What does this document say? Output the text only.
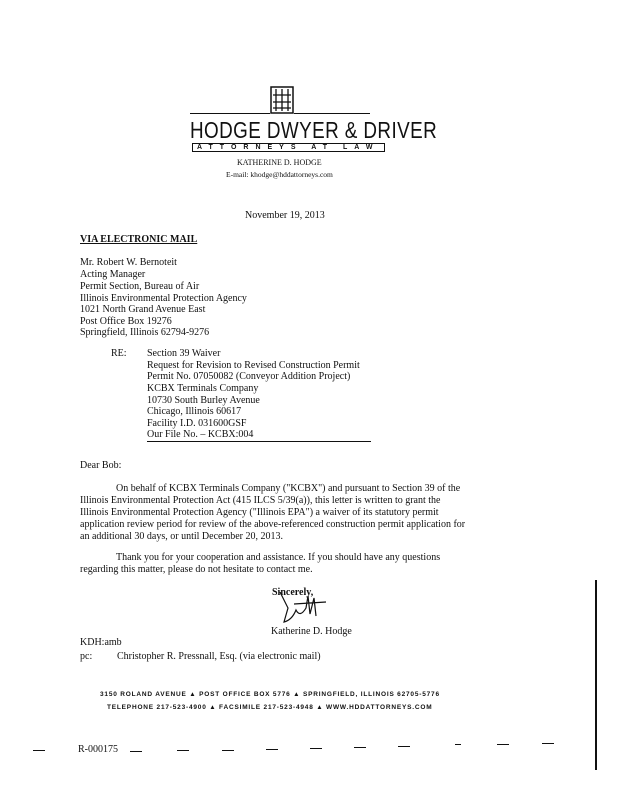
HODGE DWYER & DRIVER
ATTORNEYS AT LAW
KATHERINE D. HODGE
E-mail: khodge@hddattorneys.com
November 19, 2013
VIA ELECTRONIC MAIL
Mr. Robert W. Bernoteit
Acting Manager
Permit Section, Bureau of Air
Illinois Environmental Protection Agency
1021 North Grand Avenue East
Post Office Box 19276
Springfield, Illinois 62794-9276
RE: Section 39 Waiver
Request for Revision to Revised Construction Permit
Permit No. 07050082 (Conveyor Addition Project)
KCBX Terminals Company
10730 South Burley Avenue
Chicago, Illinois 60617
Facility I.D. 031600GSF
Our File No. – KCBX:004
Dear Bob:
On behalf of KCBX Terminals Company ("KCBX") and pursuant to Section 39 of the
Illinois Environmental Protection Act (415 ILCS 5/39(a)), this letter is written to grant the
Illinois Environmental Protection Agency ("Illinois EPA") a waiver of its statutory permit
application review period for review of the above-referenced construction permit application for
an additional 30 days, or until December 20, 2013.
Thank you for your cooperation and assistance. If you should have any questions
regarding this matter, please do not hesitate to contact me.
Sincerely,
Katherine D. Hodge
KDH:amb
pc: Christopher R. Pressnall, Esq. (via electronic mail)
3150 ROLAND AVENUE ▲ POST OFFICE BOX 5776 ▲ SPRINGFIELD, ILLINOIS 62705-5776
TELEPHONE 217-523-4900 ▲ FACSIMILE 217-523-4948 ▲ WWW.HDDATTORNEYS.COM
R-000175
